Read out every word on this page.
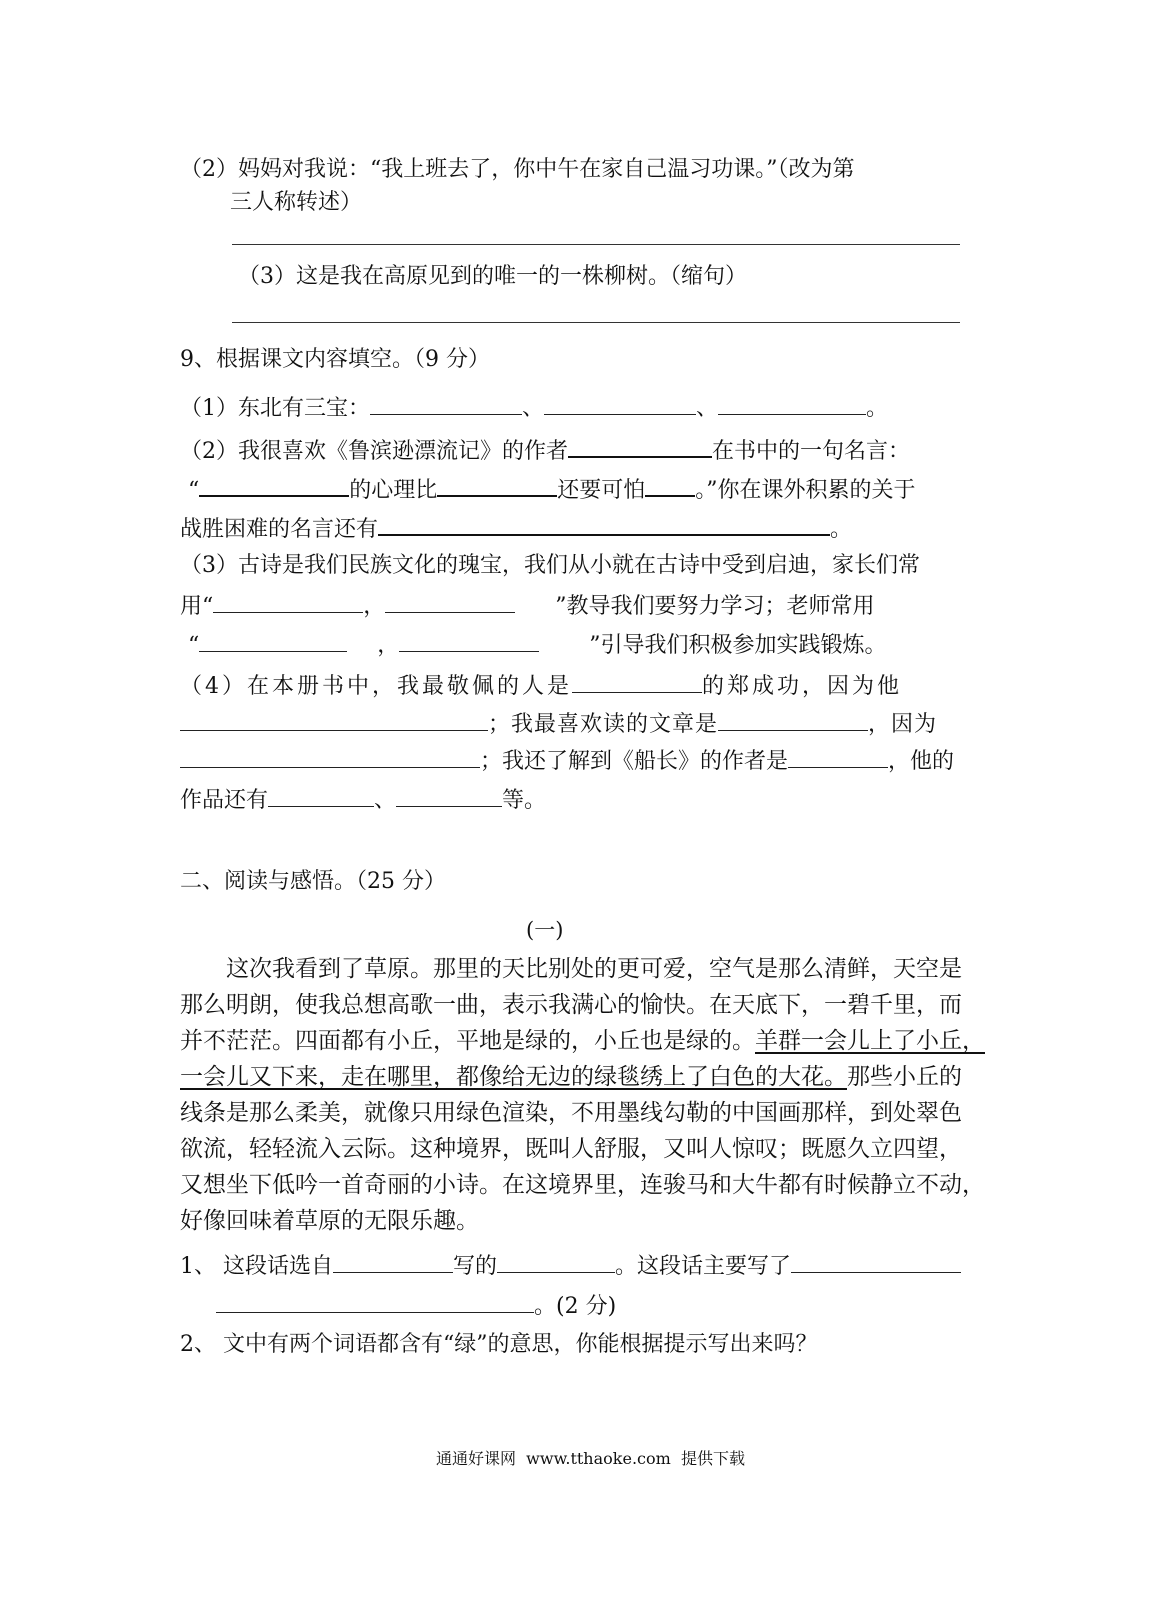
（2）妈妈对我说：“我上班去了，你中午在家自己温习功课。”（改为第
三人称转述）
（3）这是我在高原见到的唯一的一株柳树。（缩句）
9、根据课文内容填空。（9 分）
（1）东北有三宝：	、	、	。
（2）我很喜欢《鲁滨逊漂流记》的作者	在书中的一句名言：
“	的心理比	还要可怕 。”你在课外积累的关于
战胜困难的名言还有	。
（3）古诗是我们民族文化的瑰宝，我们从小就在古诗中受到启迪，家长们常
用“	，	”教导我们要努力学习；老师常用
“	，	”引导我们积极参加实践锻炼。
（4）在本册书中，我最敬佩的人是	的郑成功，因为他
；我最喜欢读的文章是	，因为
；我还了解到《船长》的作者是	，他的
作品还有	、	等。
二、阅读与感悟。（25 分）
(一)
　　这次我看到了草原。那里的天比别处的更可爱，空气是那么清鲜，天空是
那么明朗，使我总想高歌一曲，表示我满心的愉快。在天底下，一碧千里，而
并不茫茫。四面都有小丘，平地是绿的，小丘也是绿的。羊群一会儿上了小丘，
一会儿又下来，走在哪里，都像给无边的绿毯绣上了白色的大花。那些小丘的
线条是那么柔美，就像只用绿色渲染，不用墨线勾勒的中国画那样，到处翠色
欲流，轻轻流入云际。这种境界，既叫人舒服，又叫人惊叹；既愿久立四望，
又想坐下低吟一首奇丽的小诗。在这境界里，连骏马和大牛都有时候静立不动，
好像回味着草原的无限乐趣。
1、 这段话选自	写的	。这段话主要写了
。(2 分)
2、 文中有两个词语都含有“绿”的意思，你能根据提示写出来吗？
通通好课网  www.tthaoke.com  提供下载
